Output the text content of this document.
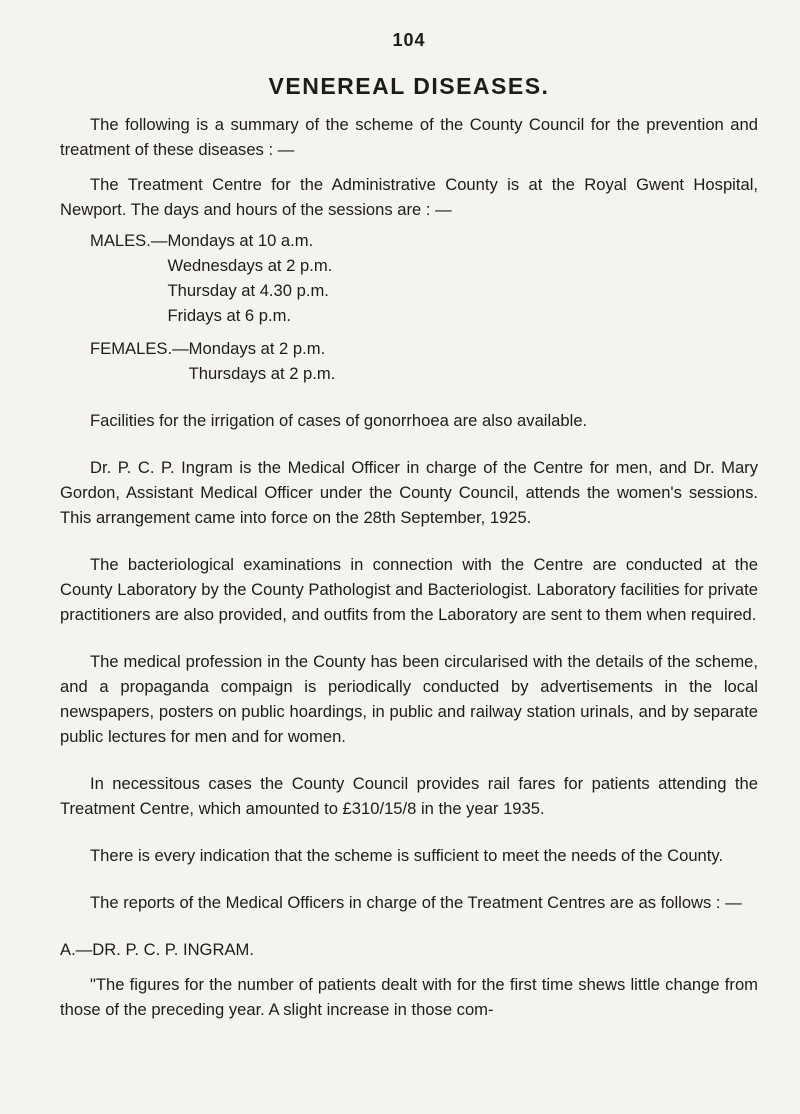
104
VENEREAL DISEASES.

The following is a summary of the scheme of the County Council for the prevention and treatment of these diseases : —

The Treatment Centre for the Administrative County is at the Royal Gwent Hospital, Newport. The days and hours of the sessions are : —

MALES.— Mondays at 10 a.m.
Wednesdays at 2 p.m.
Thursday at 4.30 p.m.
Fridays at 6 p.m.
FEMALES.— Mondays at 2 p.m.
Thursdays at 2 p.m.

Facilities for the irrigation of cases of gonorrhoea are also available.

Dr. P. C. P. Ingram is the Medical Officer in charge of the Centre for men, and Dr. Mary Gordon, Assistant Medical Officer under the County Council, attends the women's sessions. This arrangement came into force on the 28th September, 1925.

The bacteriological examinations in connection with the Centre are conducted at the County Laboratory by the County Pathologist and Bacteriologist. Laboratory facilities for private practitioners are also provided, and outfits from the Laboratory are sent to them when required.

The medical profession in the County has been circularised with the details of the scheme, and a propaganda compaign is periodically conducted by advertisements in the local newspapers, posters on public hoardings, in public and railway station urinals, and by separate public lectures for men and for women.

In necessitous cases the County Council provides rail fares for patients attending the Treatment Centre, which amounted to £310/15/8 in the year 1935.

There is every indication that the scheme is sufficient to meet the needs of the County.

The reports of the Medical Officers in charge of the Treatment Centres are as follows : —

A.—DR. P. C. P. INGRAM.

"The figures for the number of patients dealt with for the first time shews little change from those of the preceding year. A slight increase in those com-
